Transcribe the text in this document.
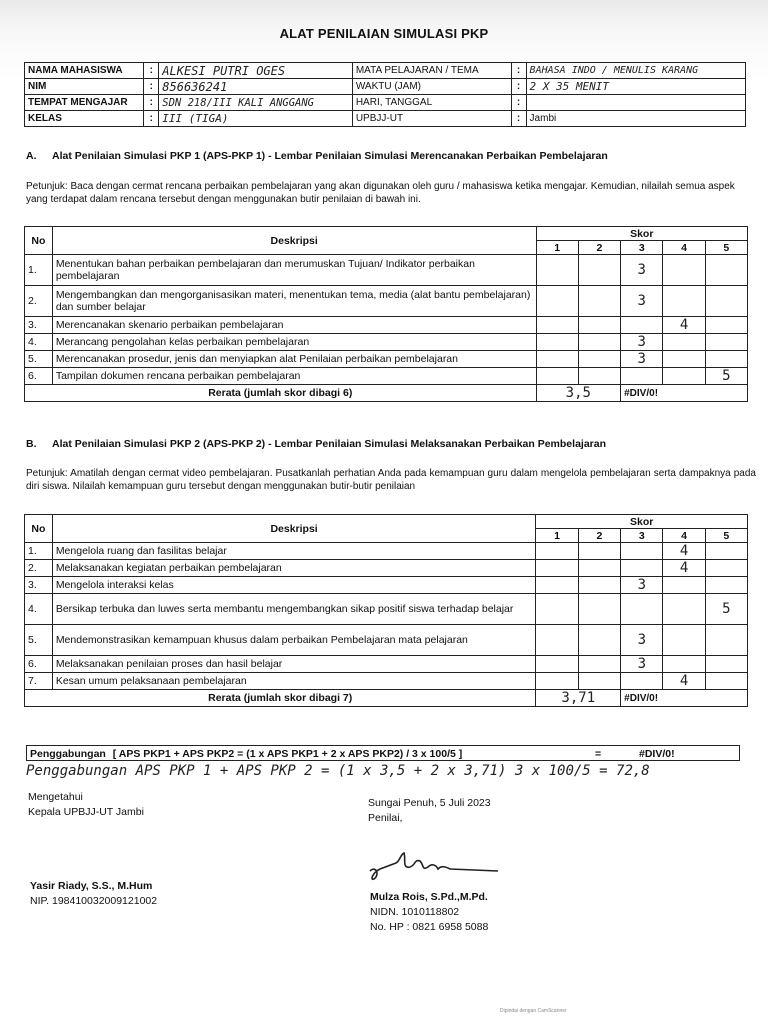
ALAT PENILAIAN SIMULASI PKP
NAMA MAHASISWA	:	ALKESI PUTRI OGES	MATA PELAJARAN / TEMA	:	BAHASA INDO / MENULIS KARANG
NIM	:	856636241	WAKTU (JAM)	:	2 X 35 MENIT
TEMPAT MENGAJAR	:	SDN 218/III KALI ANGGANG	HARI, TANGGAL	:	
KELAS	:	III (TIGA)	UPBJJ-UT	:	Jambi
A. Alat Penilaian Simulasi PKP 1 (APS-PKP 1) - Lembar Penilaian Simulasi Merencanakan Perbaikan Pembelajaran
Petunjuk: Baca dengan cermat rencana perbaikan pembelajaran yang akan digunakan oleh guru / mahasiswa ketika mengajar. Kemudian, nilailah semua aspek yang terdapat dalam rencana tersebut dengan menggunakan butir penilaian di bawah ini.
No	Deskripsi	Skor				
		1	2	3	4	5
1.	Menentukan bahan perbaikan pembelajaran dan merumuskan Tujuan/ Indikator perbaikan pembelajaran			3		
2.	Mengembangkan dan mengorganisasikan materi, menentukan tema, media (alat bantu pembelajaran) dan sumber belajar			3		
3.	Merencanakan skenario perbaikan pembelajaran				4	
4.	Merancang pengolahan kelas perbaikan pembelajaran			3		
5.	Merencanakan prosedur, jenis dan menyiapkan alat Penilaian perbaikan pembelajaran			3		
6.	Tampilan dokumen rencana perbaikan pembelajaran					5
Rerata (jumlah skor dibagi 6)		3,5		#DIV/0!		
B. Alat Penilaian Simulasi PKP 2 (APS-PKP 2) - Lembar Penilaian Simulasi Melaksanakan Perbaikan Pembelajaran
Petunjuk: Amatilah dengan cermat video pembelajaran. Pusatkanlah perhatian Anda pada kemampuan guru dalam mengelola pembelajaran serta dampaknya pada diri siswa. Nilailah kemampuan guru tersebut dengan menggunakan butir-butir penilaian
No	Deskripsi	Skor				
		1	2	3	4	5
1.	Mengelola ruang dan fasilitas belajar				4	
2.	Melaksanakan kegiatan perbaikan pembelajaran				4	
3.	Mengelola interaksi kelas			3		
4.	Bersikap terbuka dan luwes serta membantu mengembangkan sikap positif siswa terhadap belajar					5
5.	Mendemonstrasikan kemampuan khusus dalam perbaikan Pembelajaran mata pelajaran			3		
6.	Melaksanakan penilaian proses dan hasil belajar			3		
7.	Kesan umum pelaksanaan pembelajaran				4	
Rerata (jumlah skor dibagi 7)		3,71		#DIV/0!		
Penggabungan [ APS PKP1 + APS PKP2 = (1 x APS PKP1 + 2 x APS PKP2) / 3 x 100/5 ]	=	#DIV/0!
Penggabungan APS PKP 1 + APS PKP 2 = (1 x 3,5 + 2 x 3,71) 3 x 100/5 = 72,8
Mengetahui
Kepala UPBJJ-UT Jambi
Sungai Penuh, 5 Juli 2023
Penilai,
Yasir Riady, S.S., M.Hum
NIP. 198410032009121002	Mulza Rois, S.Pd.,M.Pd.
NIDN. 1010118802
No. HP : 0821 6958 5088
Dipindai dengan CamScanner
